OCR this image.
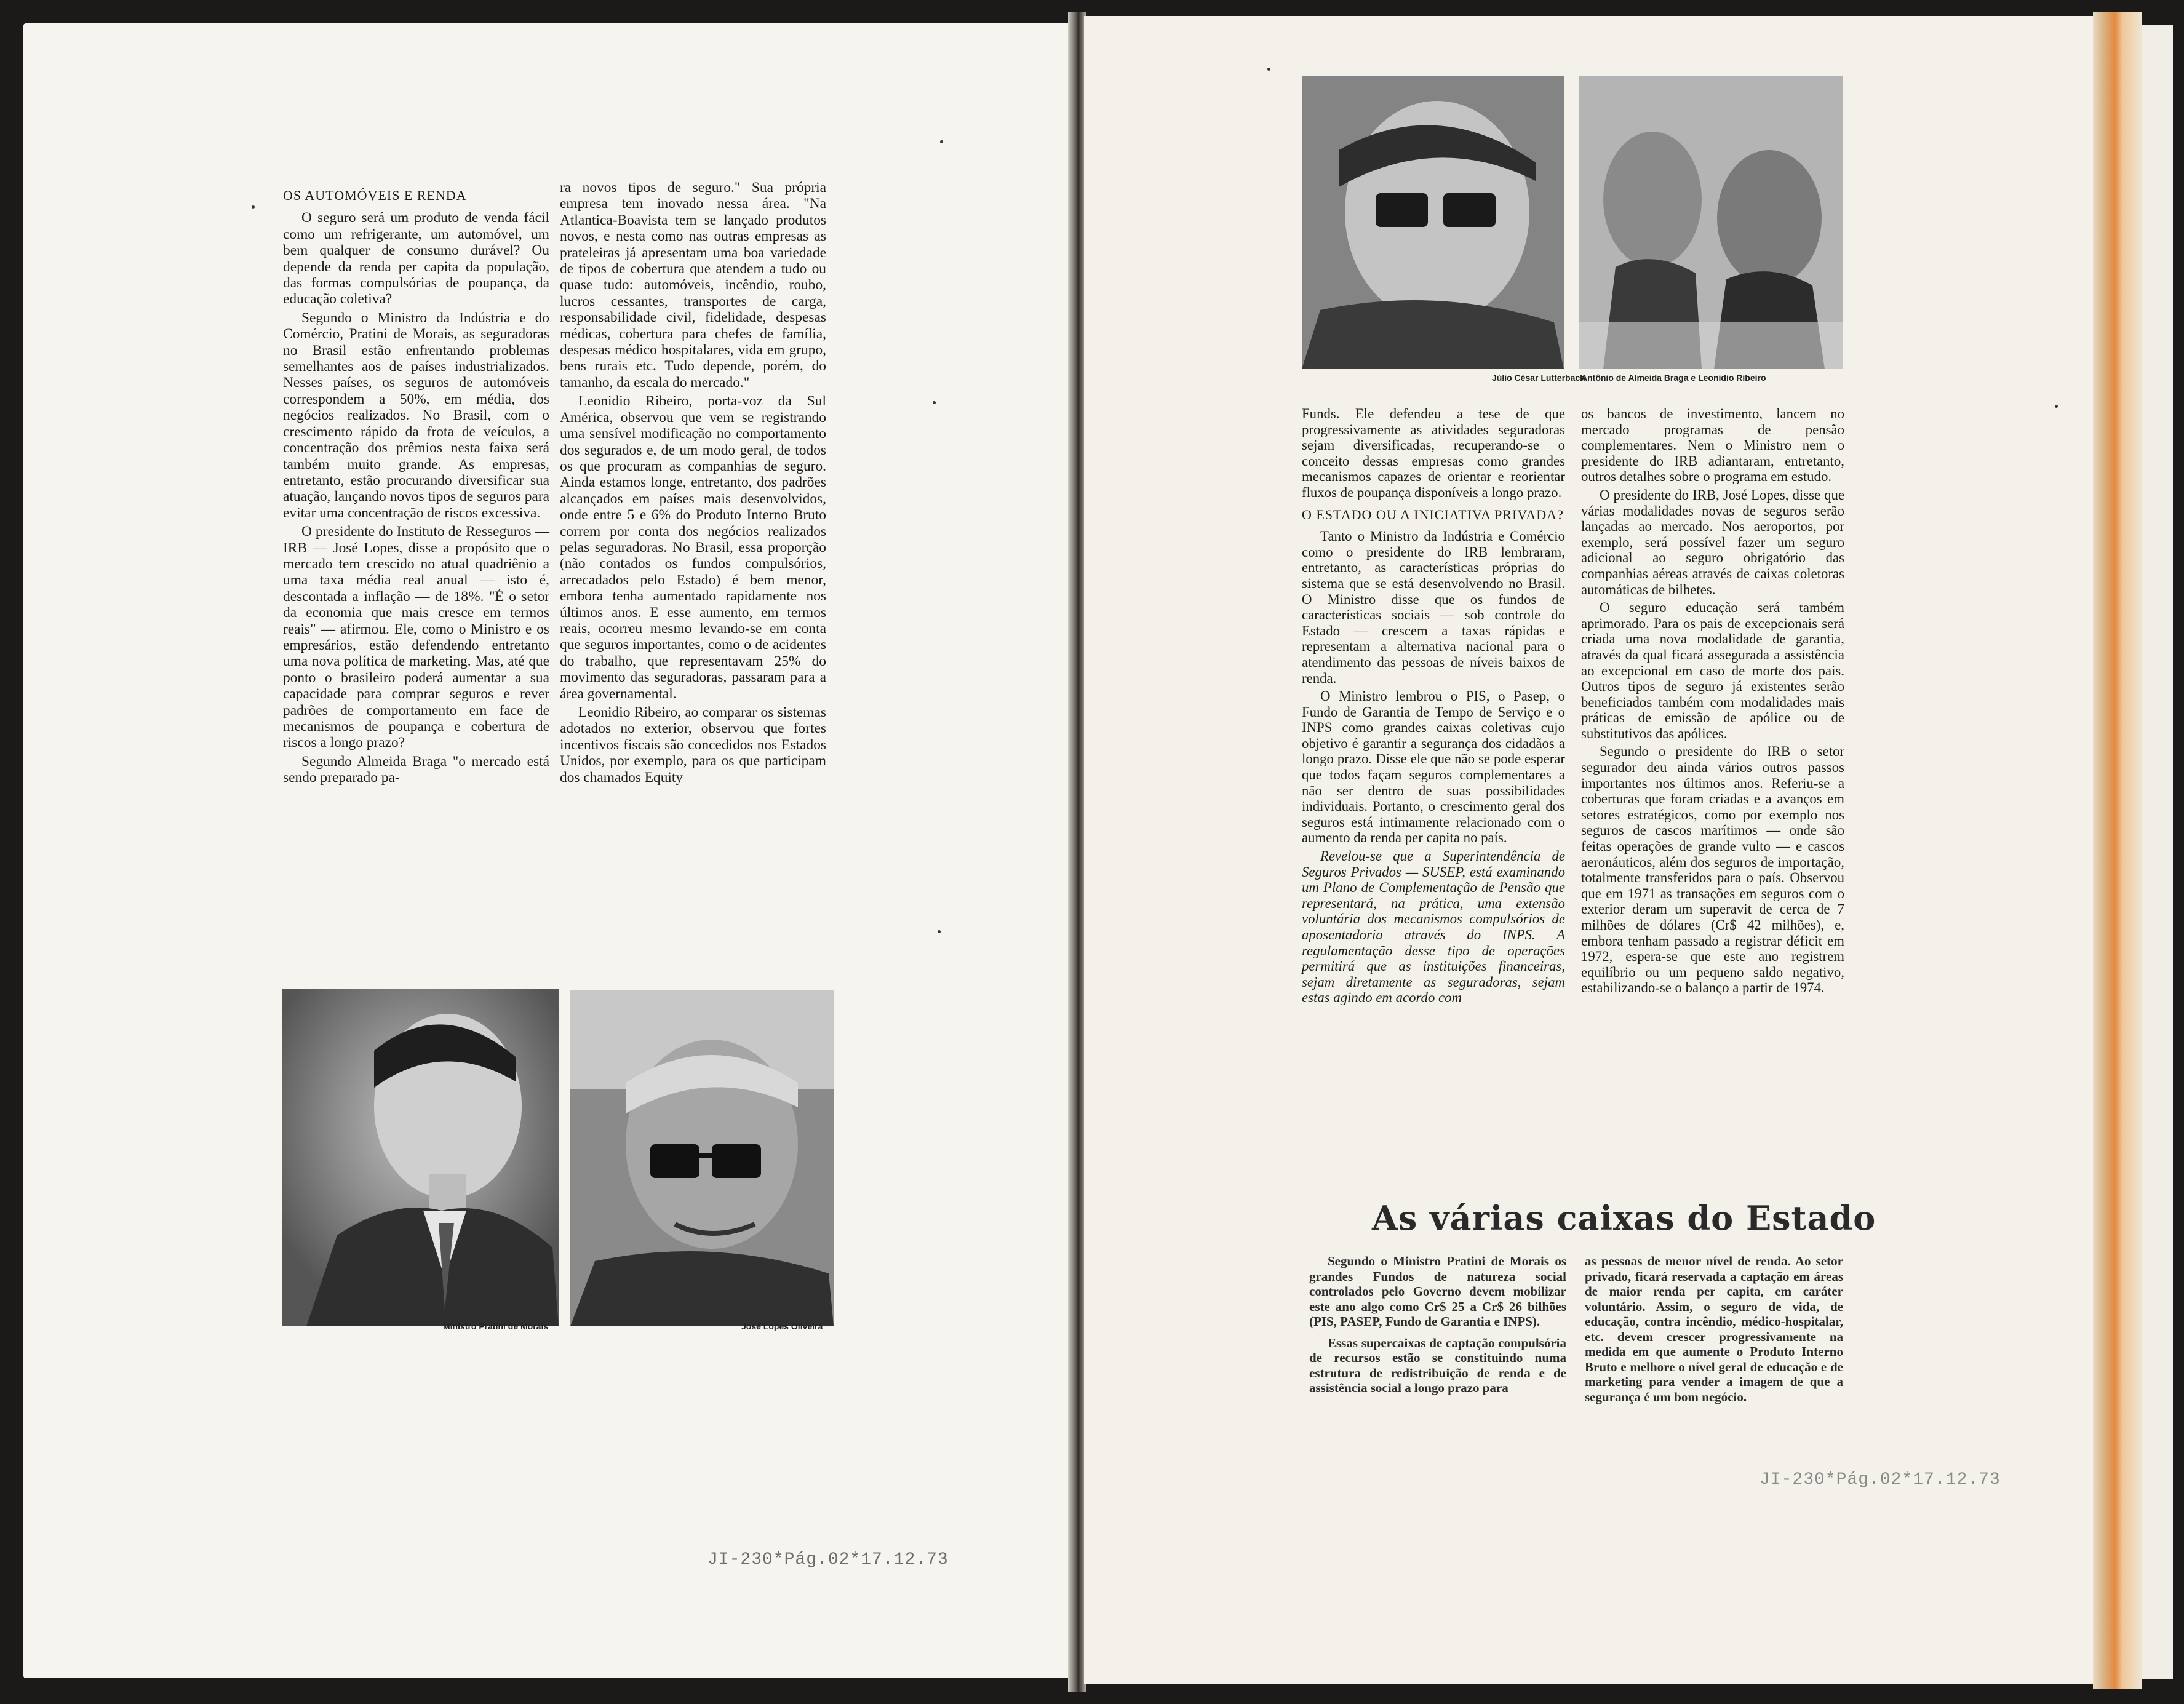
OS AUTOMÓVEIS E RENDA

O seguro será um produto de venda fácil como um refrigerante, um automóvel, um bem qualquer de consumo durável? Ou depende da renda per capita da população, das formas compulsórias de poupança, da educação coletiva?

Segundo o Ministro da Indústria e do Comércio, Pratini de Morais, as seguradoras no Brasil estão enfrentando problemas semelhantes aos de países industrializados. Nesses países, os seguros de automóveis correspondem a 50%, em média, dos negócios realizados. No Brasil, com o crescimento rápido da frota de veículos, a concentração dos prêmios nesta faixa será também muito grande. As empresas, entretanto, estão procurando diversificar sua atuação, lançando novos tipos de seguros para evitar uma concentração de riscos excessiva.

O presidente do Instituto de Resseguros — IRB — José Lopes, disse a propósito que o mercado tem crescido no atual quadriênio a uma taxa média real anual — isto é, descontada a inflação — de 18%. "É o setor da economia que mais cresce em termos reais" — afirmou. Ele, como o Ministro e os empresários, estão defendendo entretanto uma nova política de marketing. Mas, até que ponto o brasileiro poderá aumentar a sua capacidade para comprar seguros e rever padrões de comportamento em face de mecanismos de poupança e cobertura de riscos a longo prazo?

Segundo Almeida Braga "o mercado está sendo preparado pa-

ra novos tipos de seguro." Sua própria empresa tem inovado nessa área. "Na Atlantica-Boavista tem se lançado produtos novos, e nesta como nas outras empresas as prateleiras já apresentam uma boa variedade de tipos de cobertura que atendem a tudo ou quase tudo: automóveis, incêndio, roubo, lucros cessantes, transportes de carga, responsabilidade civil, fidelidade, despesas médicas, cobertura para chefes de família, despesas médico hospitalares, vida em grupo, bens rurais etc. Tudo depende, porém, do tamanho, da escala do mercado."

Leonidio Ribeiro, porta-voz da Sul América, observou que vem se registrando uma sensível modificação no comportamento dos segurados e, de um modo geral, de todos os que procuram as companhias de seguro. Ainda estamos longe, entretanto, dos padrões alcançados em países mais desenvolvidos, onde entre 5 e 6% do Produto Interno Bruto correm por conta dos negócios realizados pelas seguradoras. No Brasil, essa proporção (não contados os fundos compulsórios, arrecadados pelo Estado) é bem menor, embora tenha aumentado rapidamente nos últimos anos. E esse aumento, em termos reais, ocorreu mesmo levando-se em conta que seguros importantes, como o de acidentes do trabalho, que representavam 25% do movimento das seguradoras, passaram para a área governamental.

Leonidio Ribeiro, ao comparar os sistemas adotados no exterior, observou que fortes incentivos fiscais são concedidos nos Estados Unidos, por exemplo, para os que participam dos chamados Equity

Ministro Pratini de Morais	José Lopes Oliveira
JI-230*Pág.02*17.12.73
Júlio César Lutterbach
Antônio de Almeida Braga e Leonidio Ribeiro

Funds. Ele defendeu a tese de que progressivamente as atividades seguradoras sejam diversificadas, recuperando-se o conceito dessas empresas como grandes mecanismos capazes de orientar e reorientar fluxos de poupança disponíveis a longo prazo.

O ESTADO OU A INICIATIVA PRIVADA?

Tanto o Ministro da Indústria e Comércio como o presidente do IRB lembraram, entretanto, as características próprias do sistema que se está desenvolvendo no Brasil. O Ministro disse que os fundos de características sociais — sob controle do Estado — crescem a taxas rápidas e representam a alternativa nacional para o atendimento das pessoas de níveis baixos de renda.

O Ministro lembrou o PIS, o Pasep, o Fundo de Garantia de Tempo de Serviço e o INPS como grandes caixas coletivas cujo objetivo é garantir a segurança dos cidadãos a longo prazo. Disse ele que não se pode esperar que todos façam seguros complementares a não ser dentro de suas possibilidades individuais. Portanto, o crescimento geral dos seguros está intimamente relacionado com o aumento da renda per capita no país.

Revelou-se que a Superintendência de Seguros Privados — SUSEP, está examinando um Plano de Complementação de Pensão que representará, na prática, uma extensão voluntária dos mecanismos compulsórios de aposentadoria através do INPS. A regulamentação desse tipo de operações permitirá que as instituições financeiras, sejam diretamente as seguradoras, sejam estas agindo em acordo com

os bancos de investimento, lancem no mercado programas de pensão complementares. Nem o Ministro nem o presidente do IRB adiantaram, entretanto, outros detalhes sobre o programa em estudo.

O presidente do IRB, José Lopes, disse que várias modalidades novas de seguros serão lançadas ao mercado. Nos aeroportos, por exemplo, será possível fazer um seguro adicional ao seguro obrigatório das companhias aéreas através de caixas coletoras automáticas de bilhetes.

O seguro educação será também aprimorado. Para os pais de excepcionais será criada uma nova modalidade de garantia, através da qual ficará assegurada a assistência ao excepcional em caso de morte dos pais. Outros tipos de seguro já existentes serão beneficiados também com modalidades mais práticas de emissão de apólice ou de substitutivos das apólices.

Segundo o presidente do IRB o setor segurador deu ainda vários outros passos importantes nos últimos anos. Referiu-se a coberturas que foram criadas e a avanços em setores estratégicos, como por exemplo nos seguros de cascos marítimos — onde são feitas operações de grande vulto — e cascos aeronáuticos, além dos seguros de importação, totalmente transferidos para o país. Observou que em 1971 as transações em seguros com o exterior deram um superavit de cerca de 7 milhões de dólares (Cr$ 42 milhões), e, embora tenham passado a registrar déficit em 1972, espera-se que este ano registrem equilíbrio ou um pequeno saldo negativo, estabilizando-se o balanço a partir de 1974.

As várias caixas do Estado

Segundo o Ministro Pratini de Morais os grandes Fundos de natureza social controlados pelo Governo devem mobilizar este ano algo como Cr$ 25 a Cr$ 26 bilhões (PIS, PASEP, Fundo de Garantia e INPS).

Essas supercaixas de captação compulsória de recursos estão se constituindo numa estrutura de redistribuição de renda e de assistência social a longo prazo para

as pessoas de menor nível de renda. Ao setor privado, ficará reservada a captação em áreas de maior renda per capita, em caráter voluntário. Assim, o seguro de vida, de educação, contra incêndio, médico-hospitalar, etc. devem crescer progressivamente na medida em que aumente o Produto Interno Bruto e melhore o nível geral de educação e de marketing para vender a imagem de que a segurança é um bom negócio.

JI-230*Pág.02*17.12.73
